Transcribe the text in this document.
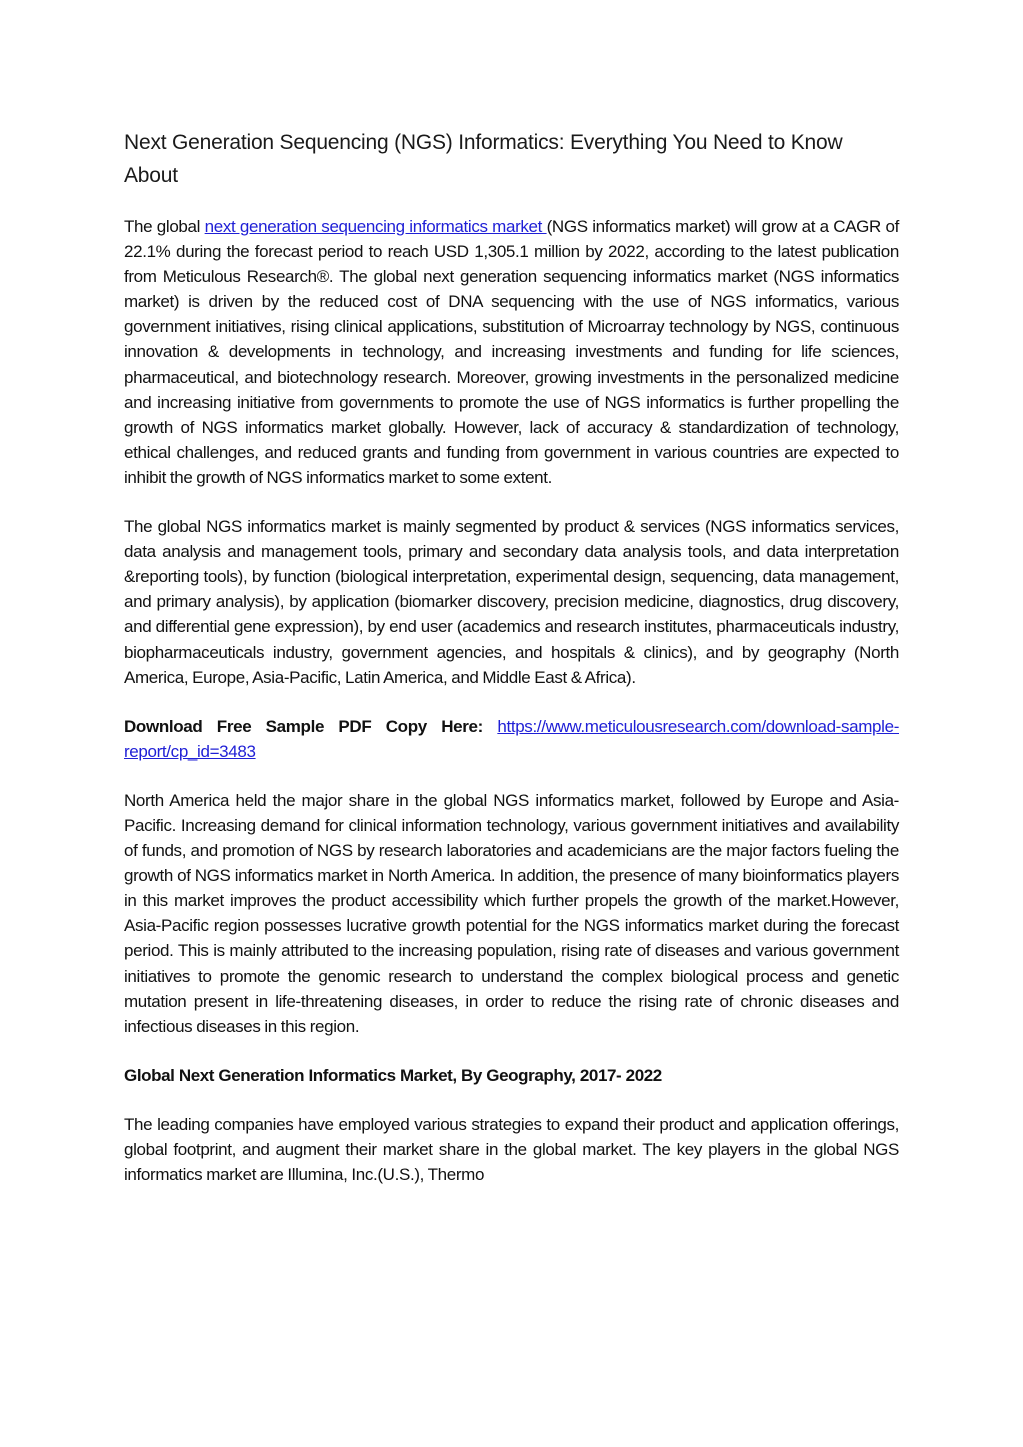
Next Generation Sequencing (NGS) Informatics: Everything You Need to Know About

The global next generation sequencing informatics market (NGS informatics market) will grow at a CAGR of 22.1% during the forecast period to reach USD 1,305.1 million by 2022, according to the latest publication from Meticulous Research®. The global next generation sequencing informatics market (NGS informatics market) is driven by the reduced cost of DNA sequencing with the use of NGS informatics, various government initiatives, rising clinical applications, substitution of Microarray technology by NGS, continuous innovation & developments in technology, and increasing investments and funding for life sciences, pharmaceutical, and biotechnology research. Moreover, growing investments in the personalized medicine and increasing initiative from governments to promote the use of NGS informatics is further propelling the growth of NGS informatics market globally. However, lack of accuracy & standardization of technology, ethical challenges, and reduced grants and funding from government in various countries are expected to inhibit the growth of NGS informatics market to some extent.

The global NGS informatics market is mainly segmented by product & services (NGS informatics services, data analysis and management tools, primary and secondary data analysis tools, and data interpretation &reporting tools), by function (biological interpretation, experimental design, sequencing, data management, and primary analysis), by application (biomarker discovery, precision medicine, diagnostics, drug discovery, and differential gene expression), by end user (academics and research institutes, pharmaceuticals industry, biopharmaceuticals industry, government agencies, and hospitals & clinics), and by geography (North America, Europe, Asia-Pacific, Latin America, and Middle East & Africa).

Download Free Sample PDF Copy Here: https://www.meticulousresearch.com/download-sample-report/cp_id=3483

North America held the major share in the global NGS informatics market, followed by Europe and Asia-Pacific. Increasing demand for clinical information technology, various government initiatives and availability of funds, and promotion of NGS by research laboratories and academicians are the major factors fueling the growth of NGS informatics market in North America. In addition, the presence of many bioinformatics players in this market improves the product accessibility which further propels the growth of the market.However, Asia-Pacific region possesses lucrative growth potential for the NGS informatics market during the forecast period. This is mainly attributed to the increasing population, rising rate of diseases and various government initiatives to promote the genomic research to understand the complex biological process and genetic mutation present in life-threatening diseases, in order to reduce the rising rate of chronic diseases and infectious diseases in this region.

Global Next Generation Informatics Market, By Geography, 2017- 2022

The leading companies have employed various strategies to expand their product and application offerings, global footprint, and augment their market share in the global market. The key players in the global NGS informatics market are Illumina, Inc.(U.S.), Thermo
